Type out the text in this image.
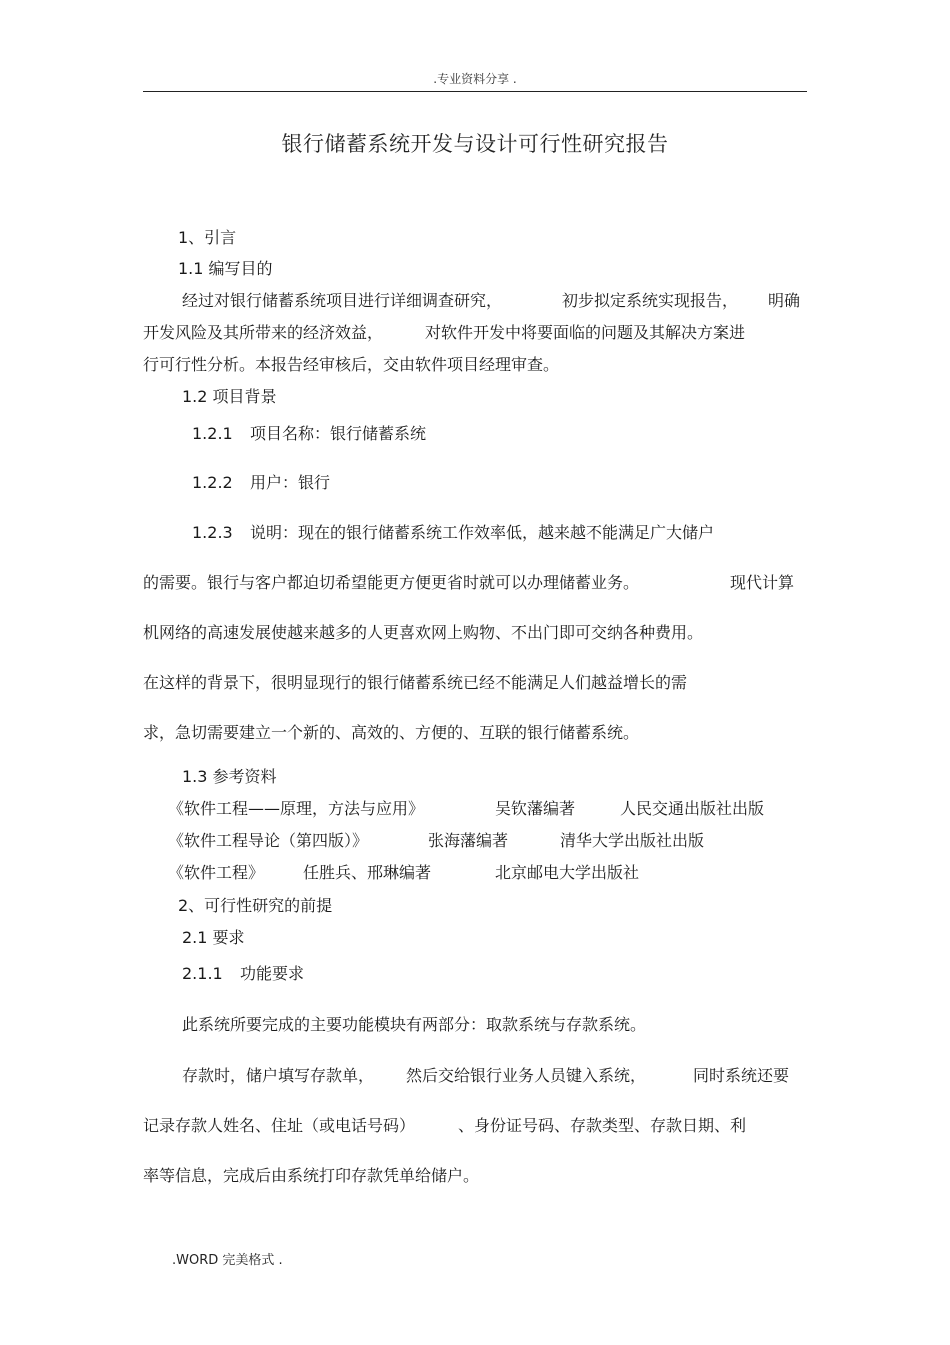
.专业资料分享 .
银行储蓄系统开发与设计可行性研究报告
1、引言
1.1 编写目的
经过对银行储蓄系统项目进行详细调查研究，	初步拟定系统实现报告， 明确
开发风险及其所带来的经济效益，	对软件开发中将要面临的问题及其解决方案进
行可行性分析。本报告经审核后，交由软件项目经理审查。
1.2 项目背景
1.2.1 项目名称：银行储蓄系统
1.2.2 用户：银行
1.2.3 说明：现在的银行储蓄系统工作效率低，越来越不能满足广大储户
的需要。银行与客户都迫切希望能更方便更省时就可以办理储蓄业务。	现代计算
机网络的高速发展使越来越多的人更喜欢网上购物、不出门即可交纳各种费用。
在这样的背景下，很明显现行的银行储蓄系统已经不能满足人们越益增长的需
求，急切需要建立一个新的、高效的、方便的、互联的银行储蓄系统。
1.3 参考资料
《软件工程——原理，方法与应用》	吴钦藩编著	人民交通出版社出版
《软件工程导论（第四版）》	张海藩编著	清华大学出版社出版
《软件工程》 任胜兵、邢琳编著	北京邮电大学出版社
2、可行性研究的前提
2.1 要求
2.1.1 功能要求
此系统所要完成的主要功能模块有两部分：取款系统与存款系统。
存款时，储户填写存款单， 然后交给银行业务人员键入系统，	同时系统还要
记录存款人姓名、住址（或电话号码）	、身份证号码、存款类型、存款日期、利
率等信息，完成后由系统打印存款凭单给储户。
.WORD 完美格式 .
